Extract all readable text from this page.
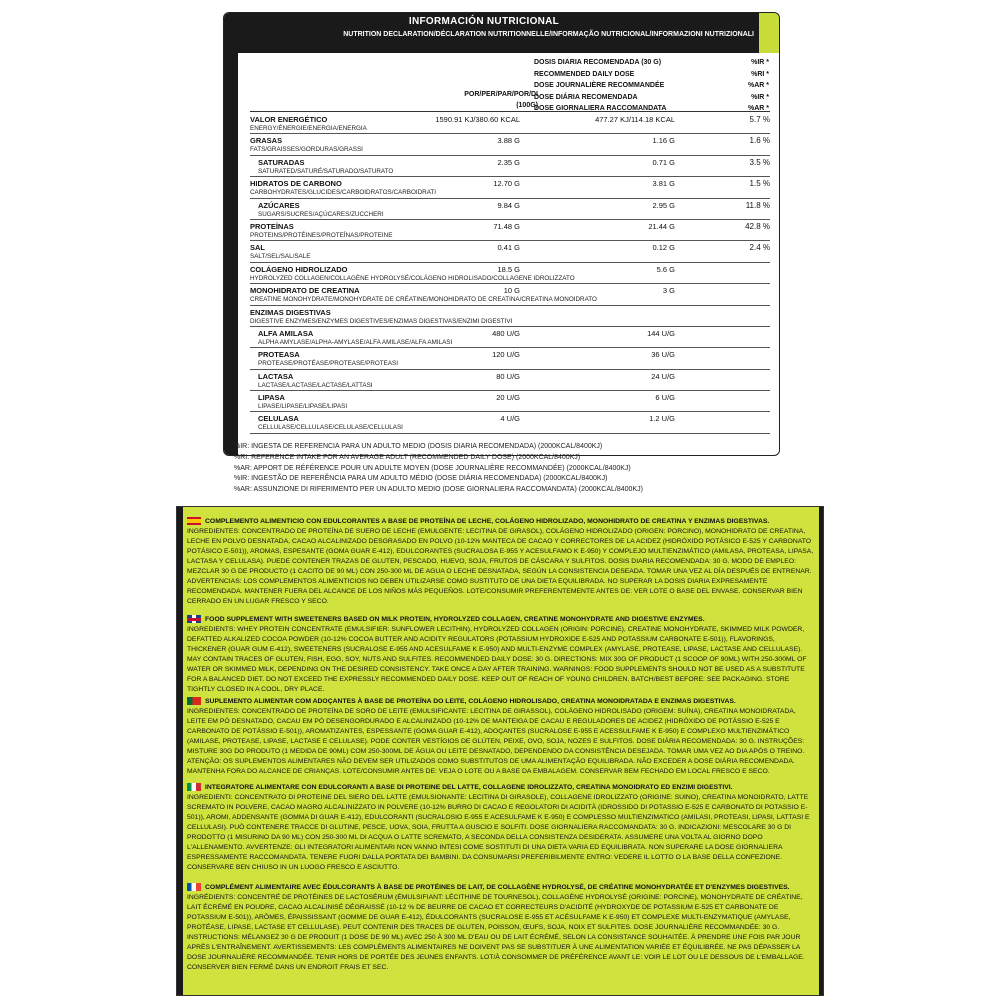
INFORMACIÓN NUTRICIONAL
NUTRITION DECLARATION/DÉCLARATION NUTRITIONNELLE/INFORMAÇÃO NUTRICIONAL/INFORMAZIONI NUTRIZIONALI
DOSIS DIARIA RECOMENDADA (30 G)	%IR *
RECOMMENDED DAILY DOSE	%RI *
DOSE JOURNALIÈRE RECOMMANDÉE	%AR *
DOSE DIÁRIA RECOMENDADA	%IR *
DOSE GIORNALIERA RACCOMANDATA	%AR *
POR/PER/PAR/POR/DI
(100G)
VALOR ENERGÉTICO
ENERGY/ÉNERGIE/ENERGIA/ENERGIA
1590.91 KJ/380.60 KCAL	477.27 KJ/114.18 KCAL	5.7 %
GRASAS
FATS/GRAISSES/GORDURAS/GRASSI
3.88 G	1.16 G	1.6 %
SATURADAS
SATURATED/SATURÉ/SATURADO/SATURATO
2.35 G	0.71 G	3.5 %
HIDRATOS DE CARBONO
CARBOHYDRATES/GLUCIDES/CARBOIDRATOS/CARBOIDRATI
12.70 G	3.81 G	1.5 %
AZÚCARES
SUGARS/SUCRES/AÇÚCARES/ZUCCHERI
9.84 G	2.95 G	11.8 %
PROTEÍNAS
PROTEINS/PROTÉINES/PROTEÍNAS/PROTEINE
71.48 G	21.44 G	42.8 %
SAL
SALT/SEL/SAL/SALE
0.41 G	0.12 G	2.4 %
COLÁGENO HIDROLIZADO
HYDROLYZED COLLAGEN/COLLAGÈNE HYDROLYSÉ/COLÁGENO HIDROLISADO/COLLAGENE IDROLIZZATO
18.5 G	5.6 G
MONOHIDRATO DE CREATINA
CREATINE MONOHYDRATE/MONOHYDRATE DE CRÉATINE/MONOHIDRATO DE CREATINA/CREATINA MONOIDRATO
10 G	3 G
ENZIMAS DIGESTIVAS
DIGESTIVE ENZYMES/ENZYMES DIGESTIVES/ENZIMAS DIGESTIVAS/ENZIMI DIGESTIVI
ALFA AMILASA
ALPHA AMYLASE/ALPHA-AMYLASE/ALFA AMILASE/ALFA AMILASI
480 U/G	144 U/G
PROTEASA
PROTEASE/PROTÉASE/PROTEASE/PROTEASI
120 U/G	36 U/G
LACTASA
LACTASE/LACTASE/LACTASE/LATTASI
80 U/G	24 U/G
LIPASA
LIPASE/LIPASE/LIPASE/LIPASI
20 U/G	6 U/G
CELULASA
CELLULASE/CELLULASE/CELULASE/CELLULASI
4 U/G	1.2 U/G
%IR: INGESTA DE REFERENCIA PARA UN ADULTO MEDIO (DOSIS DIARIA RECOMENDADA) (2000KCAL/8400KJ)
%RI: REFERENCE INTAKE FOR AN AVERAGE ADULT (RECOMMENDED DAILY DOSE) (2000KCAL/8400KJ)
%AR: APPORT DE RÉFÉRENCE POUR UN ADULTE MOYEN (DOSE JOURNALIÈRE RECOMMANDÉE) (2000KCAL/8400KJ)
%IR: INGESTÃO DE REFERÊNCIA PARA UM ADULTO MÉDIO (DOSE DIÁRIA RECOMENDADA) (2000KCAL/8400KJ)
%AR: ASSUNZIONE DI RIFERIMENTO PER UN ADULTO MEDIO (DOSE GIORNALIERA RACCOMANDATA) (2000KCAL/8400KJ)
COMPLEMENTO ALIMENTICIO CON EDULCORANTES A BASE DE PROTEÍNA DE LECHE, COLÁGENO HIDROLIZADO, MONOHIDRATO DE CREATINA Y ENZIMAS DIGESTIVAS.
INGREDIENTES: CONCENTRADO DE PROTEÍNA DE SUERO DE LECHE (EMULGENTE: LECITINA DE GIRASOL), COLÁGENO HIDROLIZADO (ORIGEN: PORCINO), MONOHIDRATO DE CREATINA, LECHE EN POLVO DESNATADA, CACAO ALCALINIZADO DESGRASADO EN POLVO (10-12% MANTECA DE CACAO Y CORRECTORES DE LA ACIDEZ (HIDRÓXIDO POTÁSICO E-525 Y CARBONATO POTÁSICO E-501)), AROMAS, ESPESANTE (GOMA GUAR E-412), EDULCORANTES (SUCRALOSA E-955 Y ACESULFAMO K E-950) Y COMPLEJO MULTIENZIMÁTICO (AMILASA, PROTEASA, LIPASA, LACTASA Y CELULASA). PUEDE CONTENER TRAZAS DE GLUTEN, PESCADO, HUEVO, SOJA, FRUTOS DE CÁSCARA Y SULFITOS. DOSIS DIARIA RECOMENDADA: 30 G. MODO DE EMPLEO: MEZCLAR 30 G DE PRODUCTO (1 CACITO DE 90 ML) CON 250-300 ML DE AGUA O LECHE DESNATADA, SEGÚN LA CONSISTENCIA DESEADA. TOMAR UNA VEZ AL DÍA DESPUÉS DE ENTRENAR. ADVERTENCIAS: LOS COMPLEMENTOS ALIMENTICIOS NO DEBEN UTILIZARSE COMO SUSTITUTO DE UNA DIETA EQUILIBRADA. NO SUPERAR LA DOSIS DIARIA EXPRESAMENTE RECOMENDADA. MANTENER FUERA DEL ALCANCE DE LOS NIÑOS MÁS PEQUEÑOS. LOTE/CONSUMIR PREFERENTEMENTE ANTES DE: VER LOTE O BASE DEL ENVASE. CONSERVAR BIEN CERRADO EN UN LUGAR FRESCO Y SECO.
FOOD SUPPLEMENT WITH SWEETENERS BASED ON MILK PROTEIN, HYDROLYZED COLLAGEN, CREATINE MONOHYDRATE AND DIGESTIVE ENZYMES.
INGREDIENTS: WHEY PROTEIN CONCENTRATE (EMULSIFIER: SUNFLOWER LECITHIN), HYDROLYZED COLLAGEN (ORIGIN: PORCINE), CREATINE MONOHYDRATE, SKIMMED MILK POWDER, DEFATTED ALKALIZED COCOA POWDER (10-12% COCOA BUTTER AND ACIDITY REGULATORS (POTASSIUM HYDROXIDE E-525 AND POTASSIUM CARBONATE E-501)), FLAVORINGS, THICKENER (GUAR GUM E-412), SWEETENERS (SUCRALOSE E-955 AND ACESULFAME K E-950) AND MULTI-ENZYME COMPLEX (AMYLASE, PROTEASE, LIPASE, LACTASE AND CELLULASE). MAY CONTAIN TRACES OF GLUTEN, FISH, EGG, SOY, NUTS AND SULFITES. RECOMMENDED DAILY DOSE: 30 G. DIRECTIONS: MIX 30G OF PRODUCT (1 SCOOP OF 90ML) WITH 250-300ML OF WATER OR SKIMMED MILK, DEPENDING ON THE DESIRED CONSISTENCY. TAKE ONCE A DAY AFTER TRAINING. WARNINGS: FOOD SUPPLEMENTS SHOULD NOT BE USED AS A SUBSTITUTE FOR A BALANCED DIET. DO NOT EXCEED THE EXPRESSLY RECOMMENDED DAILY DOSE. KEEP OUT OF REACH OF YOUNG CHILDREN. BATCH/BEST BEFORE: SEE PACKAGING. STORE TIGHTLY CLOSED IN A COOL, DRY PLACE.
SUPLEMENTO ALIMENTAR COM ADOÇANTES À BASE DE PROTEÍNA DO LEITE, COLÁGENO HIDROLISADO, CREATINA MONOIDRATADA E ENZIMAS DIGESTIVAS.
INGREDIENTES: CONCENTRADO DE PROTEÍNA DE SORO DE LEITE (EMULSIFICANTE: LECITINA DE GIRASSOL), COLÁGENO HIDROLISADO (ORIGEM: SUÍNA), CREATINA MONOIDRATADA, LEITE EM PÓ DESNATADO, CACAU EM PÓ DESENGORDURADO E ALCALINIZADO (10-12% DE MANTEIGA DE CACAU E REGULADORES DE ACIDEZ (HIDRÓXIDO DE POTÁSSIO E-525 E CARBONATO DE POTÁSSIO E-501)), AROMATIZANTES, ESPESSANTE (GOMA GUAR E-412), ADOÇANTES (SUCRALOSE E-955 E ACESSULFAME K E-950) E COMPLEXO MULTIENZIMÁTICO (AMILASE, PROTEASE, LIPASE, LACTASE E CELULASE). PODE CONTER VESTÍGIOS DE GLÚTEN, PEIXE, OVO, SOJA, NOZES E SULFITOS. DOSE DIÁRIA RECOMENDADA: 30 G. INSTRUÇÕES: MISTURE 30G DO PRODUTO (1 MEDIDA DE 90ML) COM 250-300ML DE ÁGUA OU LEITE DESNATADO, DEPENDENDO DA CONSISTÊNCIA DESEJADA. TOMAR UMA VEZ AO DIA APÓS O TREINO. ATENÇÃO: OS SUPLEMENTOS ALIMENTARES NÃO DEVEM SER UTILIZADOS COMO SUBSTITUTOS DE UMA ALIMENTAÇÃO EQUILIBRADA. NÃO EXCEDER A DOSE DIÁRIA RECOMENDADA. MANTENHA FORA DO ALCANCE DE CRIANÇAS. LOTE/CONSUMIR ANTES DE: VEJA O LOTE OU A BASE DA EMBALAGEM. CONSERVAR BEM FECHADO EM LOCAL FRESCO E SECO.
INTEGRATORE ALIMENTARE CON EDULCORANTI A BASE DI PROTEINE DEL LATTE, COLLAGENE IDROLIZZATO, CREATINA MONOIDRATO ED ENZIMI DIGESTIVI.
INGREDIENTI: CONCENTRATO DI PROTEINE DEL SIERO DEL LATTE (EMULSIONANTE: LECITINA DI GIRASOLE), COLLAGENE IDROLIZZATO (ORIGINE: SUINO), CREATINA MONOIDRATO, LATTE SCREMATO IN POLVERE, CACAO MAGRO ALCALINIZZATO IN POLVERE (10-12% BURRO DI CACAO E REGOLATORI DI ACIDITÀ (IDROSSIDO DI POTASSIO E-525 E CARBONATO DI POTASSIO E-501)), AROMI, ADDENSANTE (GOMMA DI GUAR E-412), EDULCORANTI (SUCRALOSIO E-955 E ACESULFAME K E-950) E COMPLESSO MULTIENZIMATICO (AMILASI, PROTEASI, LIPASI, LATTASI E CELLULASI). PUÒ CONTENERE TRACCE DI GLUTINE, PESCE, UOVA, SOIA, FRUTTA A GUSCIO E SOLFITI. DOSE GIORNALIERA RACCOMANDATA: 30 G. INDICAZIONI: MESCOLARE 30 G DI PRODOTTO (1 MISURINO DA 90 ML) CON 250-300 ML DI ACQUA O LATTE SCREMATO, A SECONDA DELLA CONSISTENZA DESIDERATA. ASSUMERE UNA VOLTA AL GIORNO DOPO L'ALLENAMENTO. AVVERTENZE: GLI INTEGRATORI ALIMENTARI NON VANNO INTESI COME SOSTITUTI DI UNA DIETA VARIA ED EQUILIBRATA. NON SUPERARE LA DOSE GIORNALIERA ESPRESSAMENTE RACCOMANDATA. TENERE FUORI DALLA PORTATA DEI BAMBINI. DA CONSUMARSI PREFERIBILMENTE ENTRO: VEDERE IL LOTTO O LA BASE DELLA CONFEZIONE. CONSERVARE BEN CHIUSO IN UN LUOGO FRESCO E ASCIUTTO.
COMPLÉMENT ALIMENTAIRE AVEC ÉDULCORANTS À BASE DE PROTÉINES DE LAIT, DE COLLAGÈNE HYDROLYSÉ, DE CRÉATINE MONOHYDRATÉE ET D'ENZYMES DIGESTIVES.
INGRÉDIENTS: CONCENTRÉ DE PROTÉINES DE LACTOSÉRUM (ÉMULSIFIANT: LÉCITHINE DE TOURNESOL), COLLAGÈNE HYDROLYSÉ (ORIGINE: PORCINE), MONOHYDRATE DE CRÉATINE, LAIT ÉCRÉMÉ EN POUDRE, CACAO ALCALINISÉ DÉGRAISSÉ (10-12 % DE BEURRE DE CACAO ET CORRECTEURS D'ACIDITÉ (HYDROXYDE DE POTASSIUM E-525 ET CARBONATE DE POTASSIUM E-501)), ARÔMES, ÉPAISSISSANT (GOMME DE GUAR E-412), ÉDULCORANTS (SUCRALOSE E-955 ET ACÉSULFAME K E-950) ET COMPLEXE MULTI-ENZYMATIQUE (AMYLASE, PROTÉASE, LIPASE, LACTASE ET CELLULASE). PEUT CONTENIR DES TRACES DE GLUTEN, POISSON, ŒUFS, SOJA, NOIX ET SULFITES. DOSE JOURNALIÈRE RECOMMANDÉE: 30 G. INSTRUCTIONS: MÉLANGEZ 30 G DE PRODUIT (1 DOSE DE 90 ML) AVEC 250 À 300 ML D'EAU OU DE LAIT ÉCRÉMÉ, SELON LA CONSISTANCE SOUHAITÉE. À PRENDRE UNE FOIS PAR JOUR APRÈS L'ENTRAÎNEMENT. AVERTISSEMENTS: LES COMPLÉMENTS ALIMENTAIRES NE DOIVENT PAS SE SUBSTITUER À UNE ALIMENTATION VARIÉE ET ÉQUILIBRÉE. NE PAS DÉPASSER LA DOSE JOURNALIÈRE RECOMMANDÉE. TENIR HORS DE PORTÉE DES JEUNES ENFANTS. LOT/À CONSOMMER DE PRÉFÉRENCE AVANT LE: VOIR LE LOT OU LE DESSOUS DE L'EMBALLAGE. CONSERVER BIEN FERMÉ DANS UN ENDROIT FRAIS ET SEC.
